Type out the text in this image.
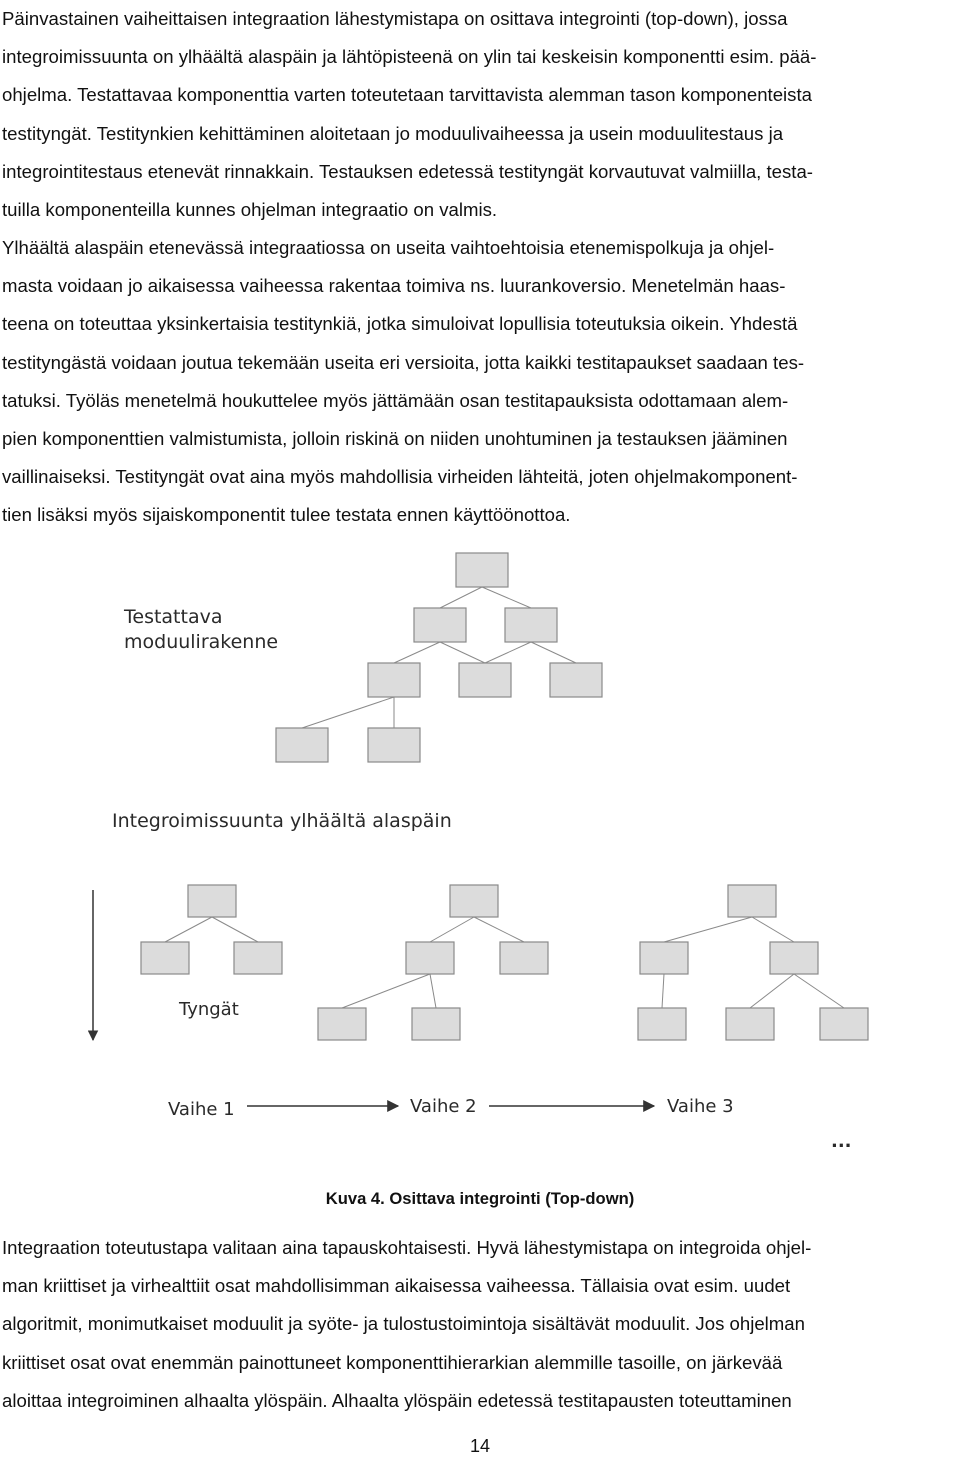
Päinvastainen vaiheittaisen integraation lähestymistapa on osittava integrointi (top-down), jossa
integroimissuunta on ylhäältä alaspäin ja lähtöpisteenä on ylin tai keskeisin komponentti esim. pää-
ohjelma. Testattavaa komponenttia varten toteutetaan tarvittavista alemman tason komponenteista
testityngät. Testitynkien kehittäminen aloitetaan jo moduulivaiheessa ja usein moduulitestaus ja
integrointitestaus etenevät rinnakkain. Testauksen edetessä testityngät korvautuvat valmiilla, testa-
tuilla komponenteilla kunnes ohjelman integraatio on valmis.
Ylhäältä alaspäin etenevässä integraatiossa on useita vaihtoehtoisia etenemispolkuja ja ohjel-
masta voidaan jo aikaisessa vaiheessa rakentaa toimiva ns. luurankoversio. Menetelmän haas-
teena on toteuttaa yksinkertaisia testitynkiä, jotka simuloivat lopullisia toteutuksia oikein. Yhdestä
testityngästä voidaan joutua tekemään useita eri versioita, jotta kaikki testitapaukset saadaan tes-
tatuksi. Työläs menetelmä houkuttelee myös jättämään osan testitapauksista odottamaan alem-
pien komponenttien valmistumista, jolloin riskinä on niiden unohtuminen ja testauksen jääminen
vaillinaiseksi. Testityngät ovat aina myös mahdollisia virheiden lähteitä, joten ohjelmakomponent-
tien lisäksi myös sijaiskomponentit tulee testata ennen käyttöönottoa.
Testattava
moduulirakenne
Integroimissuunta ylhäältä alaspäin
Tyngät
Vaihe 1	Vaihe 2	Vaihe 3
...
Kuva 4. Osittava integrointi (Top-down)
Integraation toteutustapa valitaan aina tapauskohtaisesti. Hyvä lähestymistapa on integroida ohjel-
man kriittiset ja virhealttiit osat mahdollisimman aikaisessa vaiheessa. Tällaisia ovat esim. uudet
algoritmit, monimutkaiset moduulit ja syöte- ja tulostustoimintoja sisältävät moduulit. Jos ohjelman
kriittiset osat ovat enemmän painottuneet komponenttihierarkian alemmille tasoille, on järkevää
aloittaa integroiminen alhaalta ylöspäin. Alhaalta ylöspäin edetessä testitapausten toteuttaminen
14
